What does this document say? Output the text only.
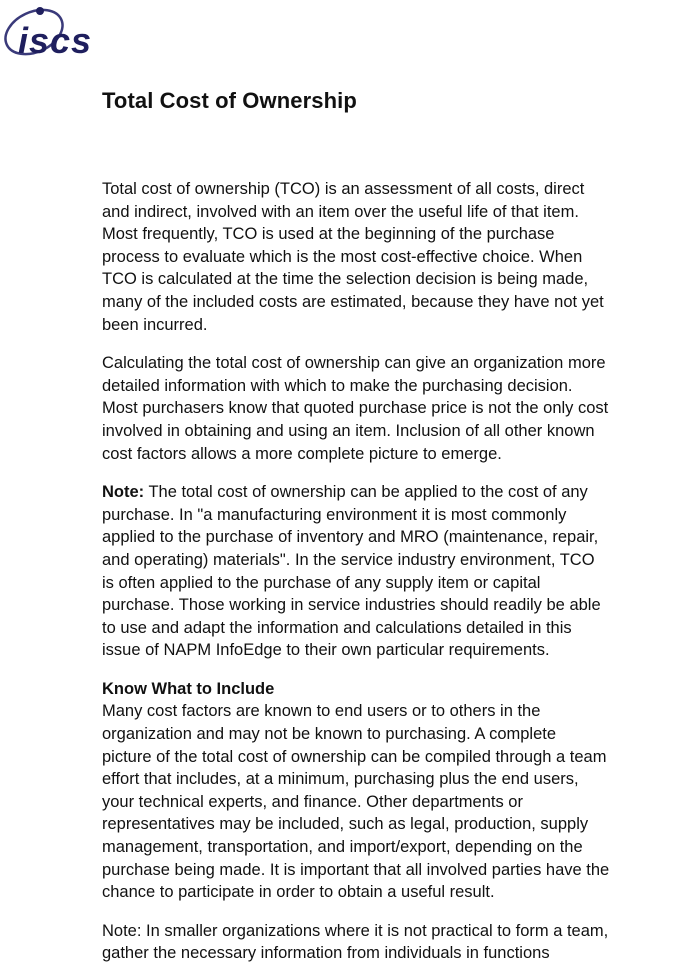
iscs
Total Cost of Ownership

Total cost of ownership (TCO) is an assessment of all costs, direct
and indirect, involved with an item over the useful life of that item.
Most frequently, TCO is used at the beginning of the purchase
process to evaluate which is the most cost-effective choice. When
TCO is calculated at the time the selection decision is being made,
many of the included costs are estimated, because they have not yet
been incurred.

Calculating the total cost of ownership can give an organization more
detailed information with which to make the purchasing decision.
Most purchasers know that quoted purchase price is not the only cost
involved in obtaining and using an item. Inclusion of all other known
cost factors allows a more complete picture to emerge.

Note: The total cost of ownership can be applied to the cost of any
purchase. In "a manufacturing environment it is most commonly
applied to the purchase of inventory and MRO (maintenance, repair,
and operating) materials". In the service industry environment, TCO
is often applied to the purchase of any supply item or capital
purchase. Those working in service industries should readily be able
to use and adapt the information and calculations detailed in this
issue of NAPM InfoEdge to their own particular requirements.

Know What to Include
Many cost factors are known to end users or to others in the
organization and may not be known to purchasing. A complete
picture of the total cost of ownership can be compiled through a team
effort that includes, at a minimum, purchasing plus the end users,
your technical experts, and finance. Other departments or
representatives may be included, such as legal, production, supply
management, transportation, and import/export, depending on the
purchase being made. It is important that all involved parties have the
chance to participate in order to obtain a useful result.

Note: In smaller organizations where it is not practical to form a team,
gather the necessary information from individuals in functions
